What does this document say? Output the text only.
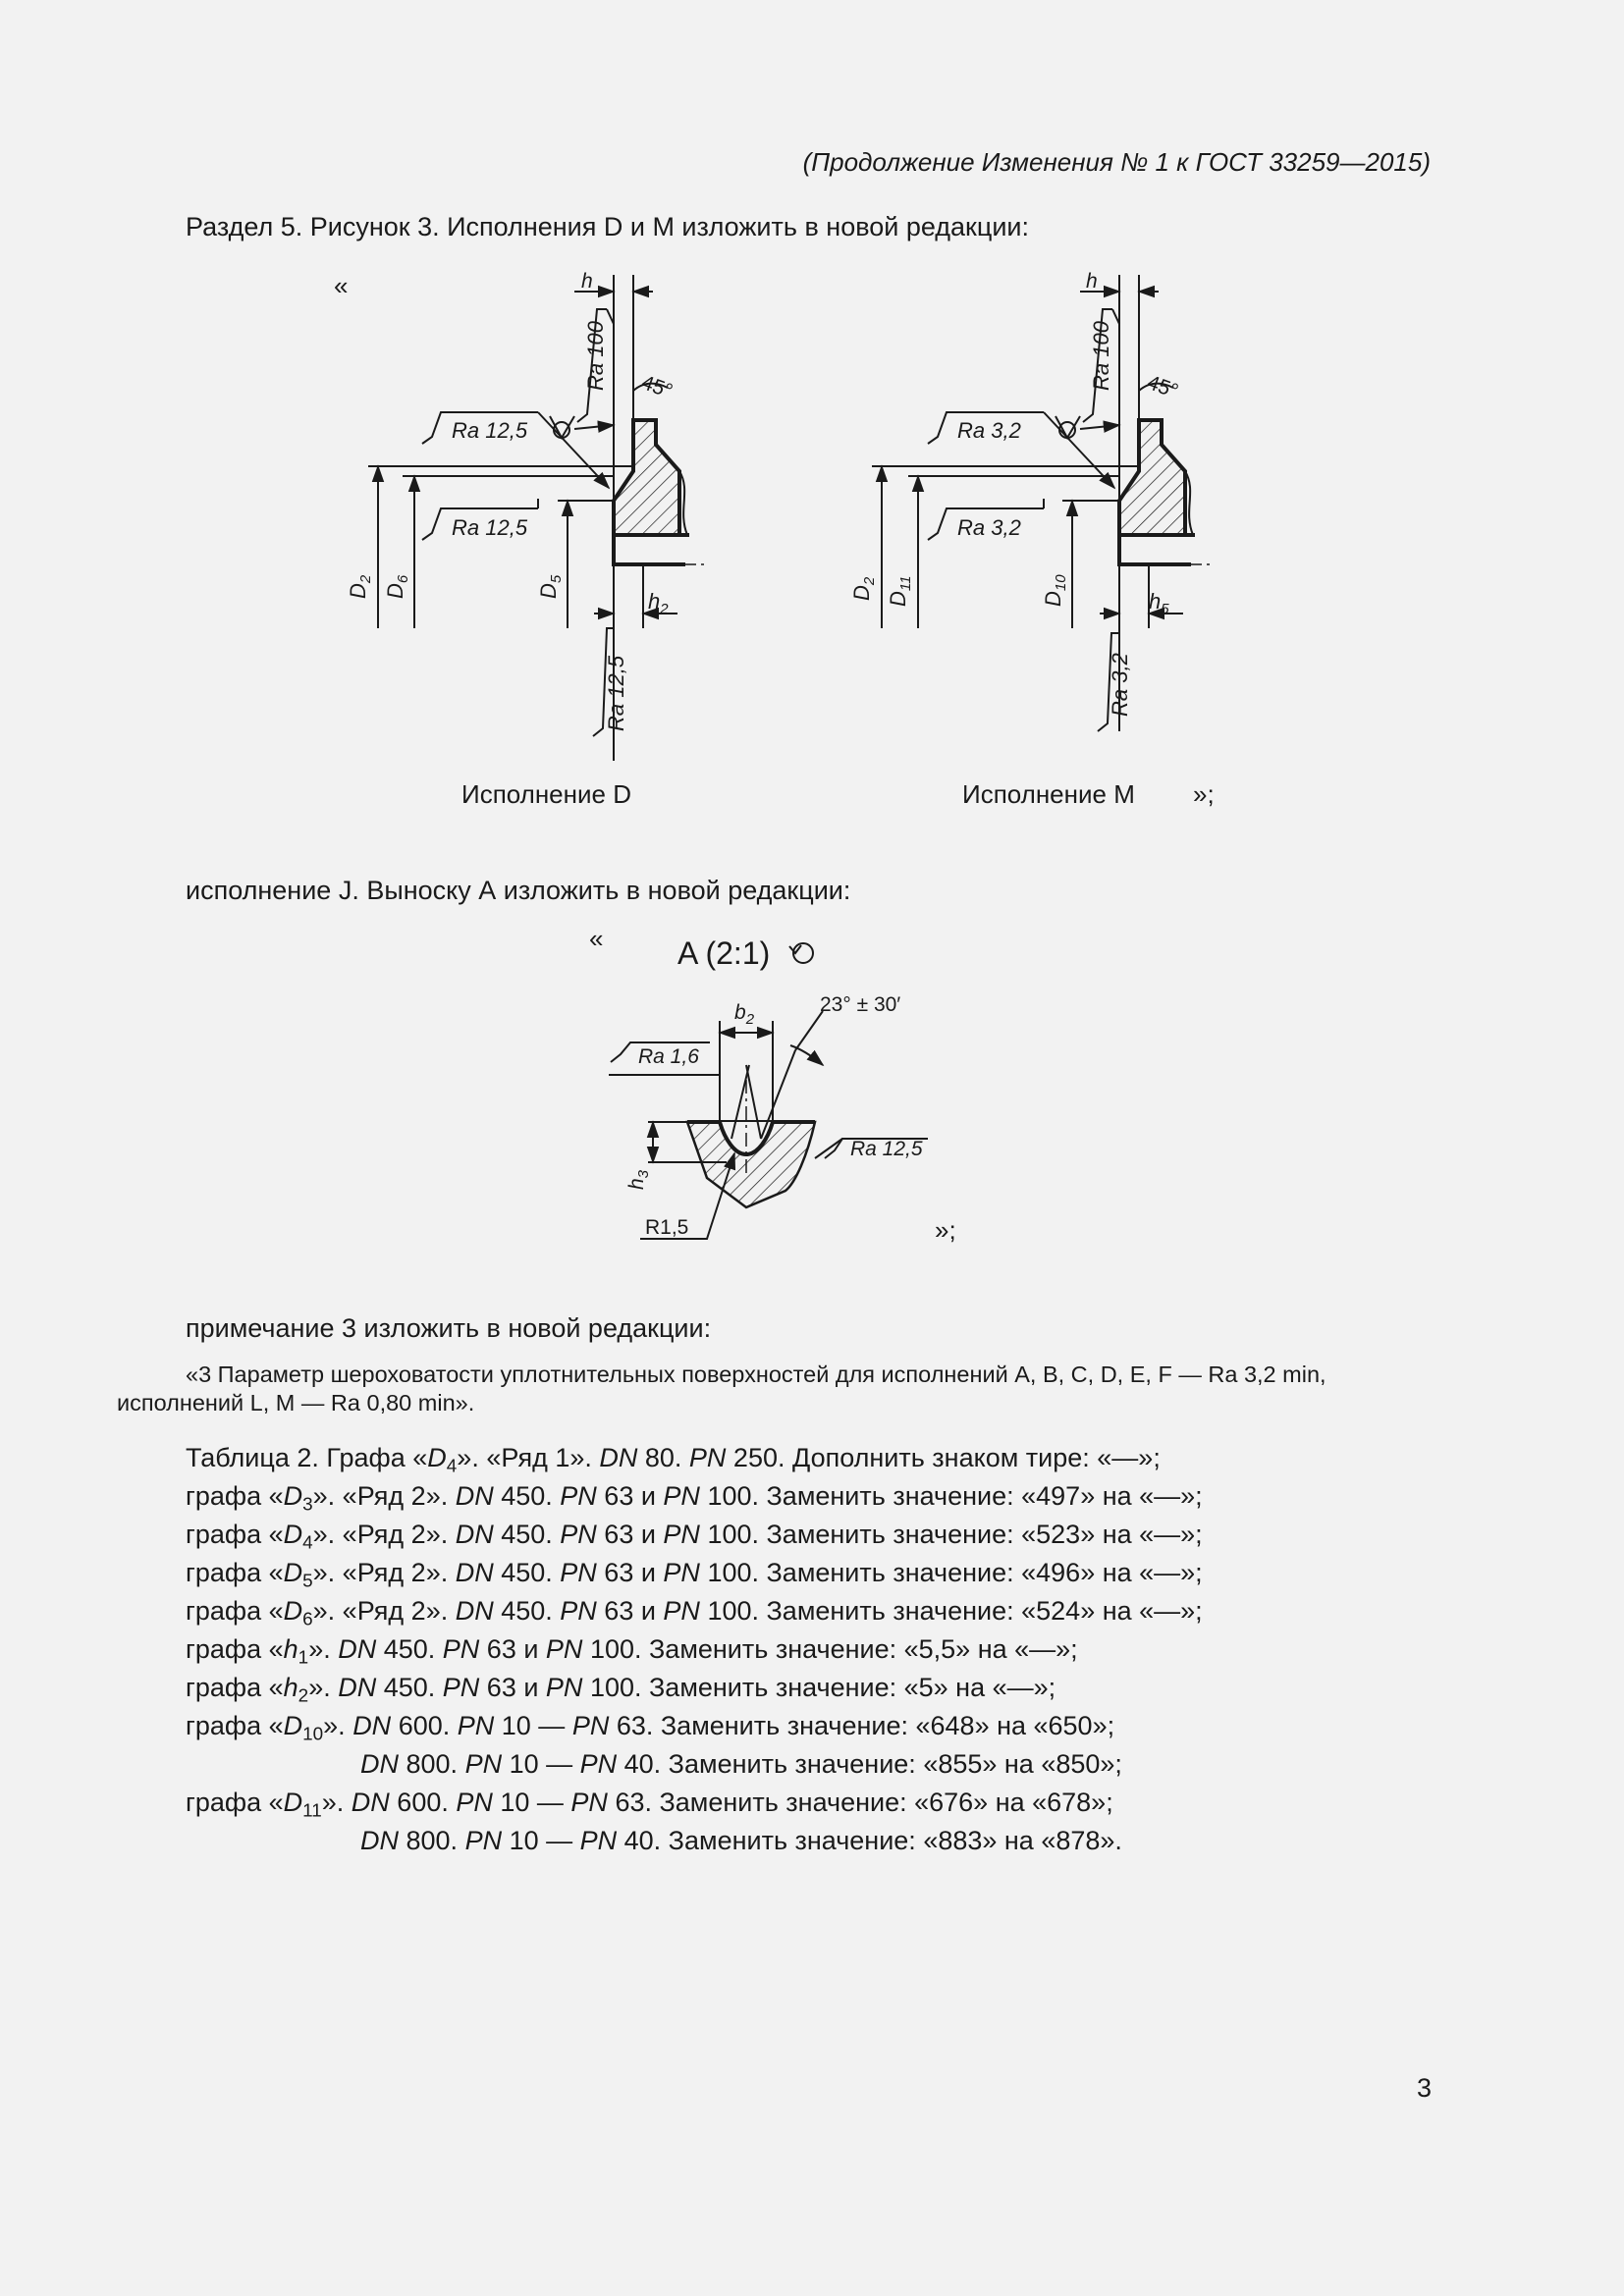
(Продолжение Изменения № 1 к ГОСТ 33259—2015)
Раздел 5. Рисунок 3. Исполнения D и M изложить в новой редакции:
«	h
Ra 100 45°
Ra 12,5
Ra 12,5
Ra 12,5
$D_2$
$D_6$
$D_5$
$h_2$
Исполнение D
h
Ra 100 45°
Ra 3,2
Ra 3,2
Ra 3,2
$D_2$
$D_{11}$
$D_{10}$
$h_5$
Исполнение M »;
« A (2:1)
$b_2$
23° ± 30′
Ra 1,6
Ra 12,5
$h_3$
R1,5	»;
исполнение J. Выноску А изложить в новой редакции:
примечание 3 изложить в новой редакции:
«3 Параметр шероховатости уплотнительных поверхностей для исполнений A, B, C, D, E, F — Ra 3,2 min,
исполнений L, M — Ra 0,80 min».
Таблица 2. Графа «$D_4$». «Ряд 1». DN 80. PN 250. Дополнить знаком тире: «—»;
графа «$D_3$». «Ряд 2». DN 450. PN 63 и PN 100. Заменить значение: «497» на «—»;
графа «$D_4$». «Ряд 2». DN 450. PN 63 и PN 100. Заменить значение: «523» на «—»;
графа «$D_5$». «Ряд 2». DN 450. PN 63 и PN 100. Заменить значение: «496» на «—»;
графа «$D_6$». «Ряд 2». DN 450. PN 63 и PN 100. Заменить значение: «524» на «—»;
графа «$h_1$». DN 450. PN 63 и PN 100. Заменить значение: «5,5» на «—»;
графа «$h_2$». DN 450. PN 63 и PN 100. Заменить значение: «5» на «—»;
графа «$D_{10}$». DN 600. PN 10 — PN 63. Заменить значение: «648» на «650»;
DN 800. PN 10 — PN 40. Заменить значение: «855» на «850»;
графа «$D_{11}$». DN 600. PN 10 — PN 63. Заменить значение: «676» на «678»;
DN 800. PN 10 — PN 40. Заменить значение: «883» на «878».
3
